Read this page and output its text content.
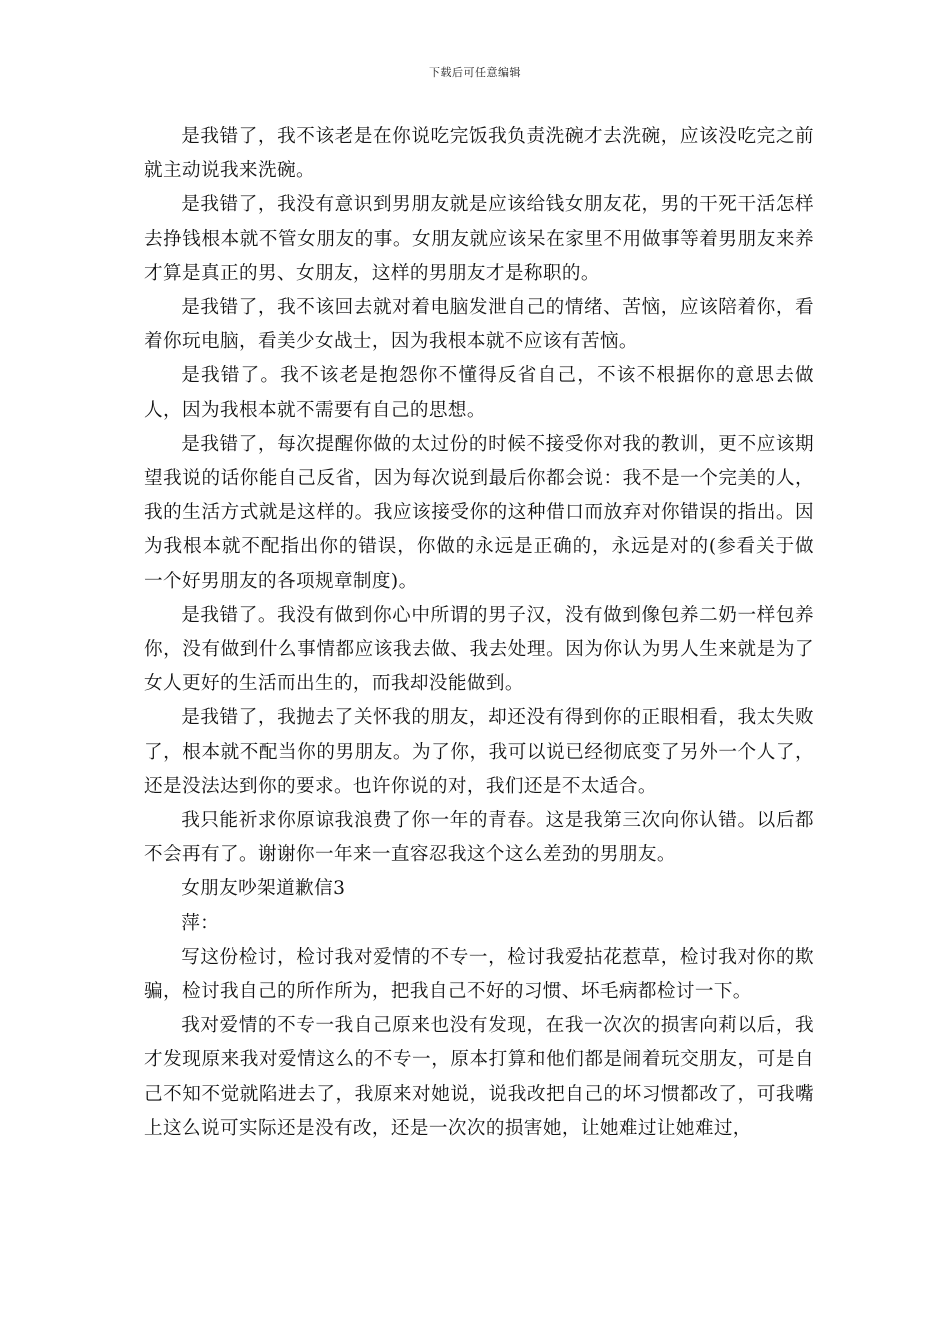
下载后可任意编辑

是我错了，我不该老是在你说吃完饭我负责洗碗才去洗碗，应该没吃完之前就主动说我来洗碗。

是我错了，我没有意识到男朋友就是应该给钱女朋友花，男的干死干活怎样去挣钱根本就不管女朋友的事。女朋友就应该呆在家里不用做事等着男朋友来养才算是真正的男、女朋友，这样的男朋友才是称职的。

是我错了，我不该回去就对着电脑发泄自己的情绪、苦恼，应该陪着你，看着你玩电脑，看美少女战士，因为我根本就不应该有苦恼。

是我错了。我不该老是抱怨你不懂得反省自己，不该不根据你的意思去做人，因为我根本就不需要有自己的思想。

是我错了，每次提醒你做的太过份的时候不接受你对我的教训，更不应该期望我说的话你能自己反省，因为每次说到最后你都会说：我不是一个完美的人，我的生活方式就是这样的。我应该接受你的这种借口而放弃对你错误的指出。因为我根本就不配指出你的错误，你做的永远是正确的，永远是对的(参看关于做一个好男朋友的各项规章制度)。

是我错了。我没有做到你心中所谓的男子汉，没有做到像包养二奶一样包养你，没有做到什么事情都应该我去做、我去处理。因为你认为男人生来就是为了女人更好的生活而出生的，而我却没能做到。

是我错了，我抛去了关怀我的朋友，却还没有得到你的正眼相看，我太失败了，根本就不配当你的男朋友。为了你，我可以说已经彻底变了另外一个人了，还是没法达到你的要求。也许你说的对，我们还是不太适合。

我只能祈求你原谅我浪费了你一年的青春。这是我第三次向你认错。以后都不会再有了。谢谢你一年来一直容忍我这个这么差劲的男朋友。

女朋友吵架道歉信3

萍：

写这份检讨，检讨我对爱情的不专一，检讨我爱拈花惹草，检讨我对你的欺骗，检讨我自己的所作所为，把我自己不好的习惯、坏毛病都检讨一下。

我对爱情的不专一我自己原来也没有发现，在我一次次的损害向莉以后，我才发现原来我对爱情这么的不专一，原本打算和他们都是闹着玩交朋友，可是自己不知不觉就陷进去了，我原来对她说，说我改把自己的坏习惯都改了，可我嘴上这么说可实际还是没有改，还是一次次的损害她，让她难过让她难过，
